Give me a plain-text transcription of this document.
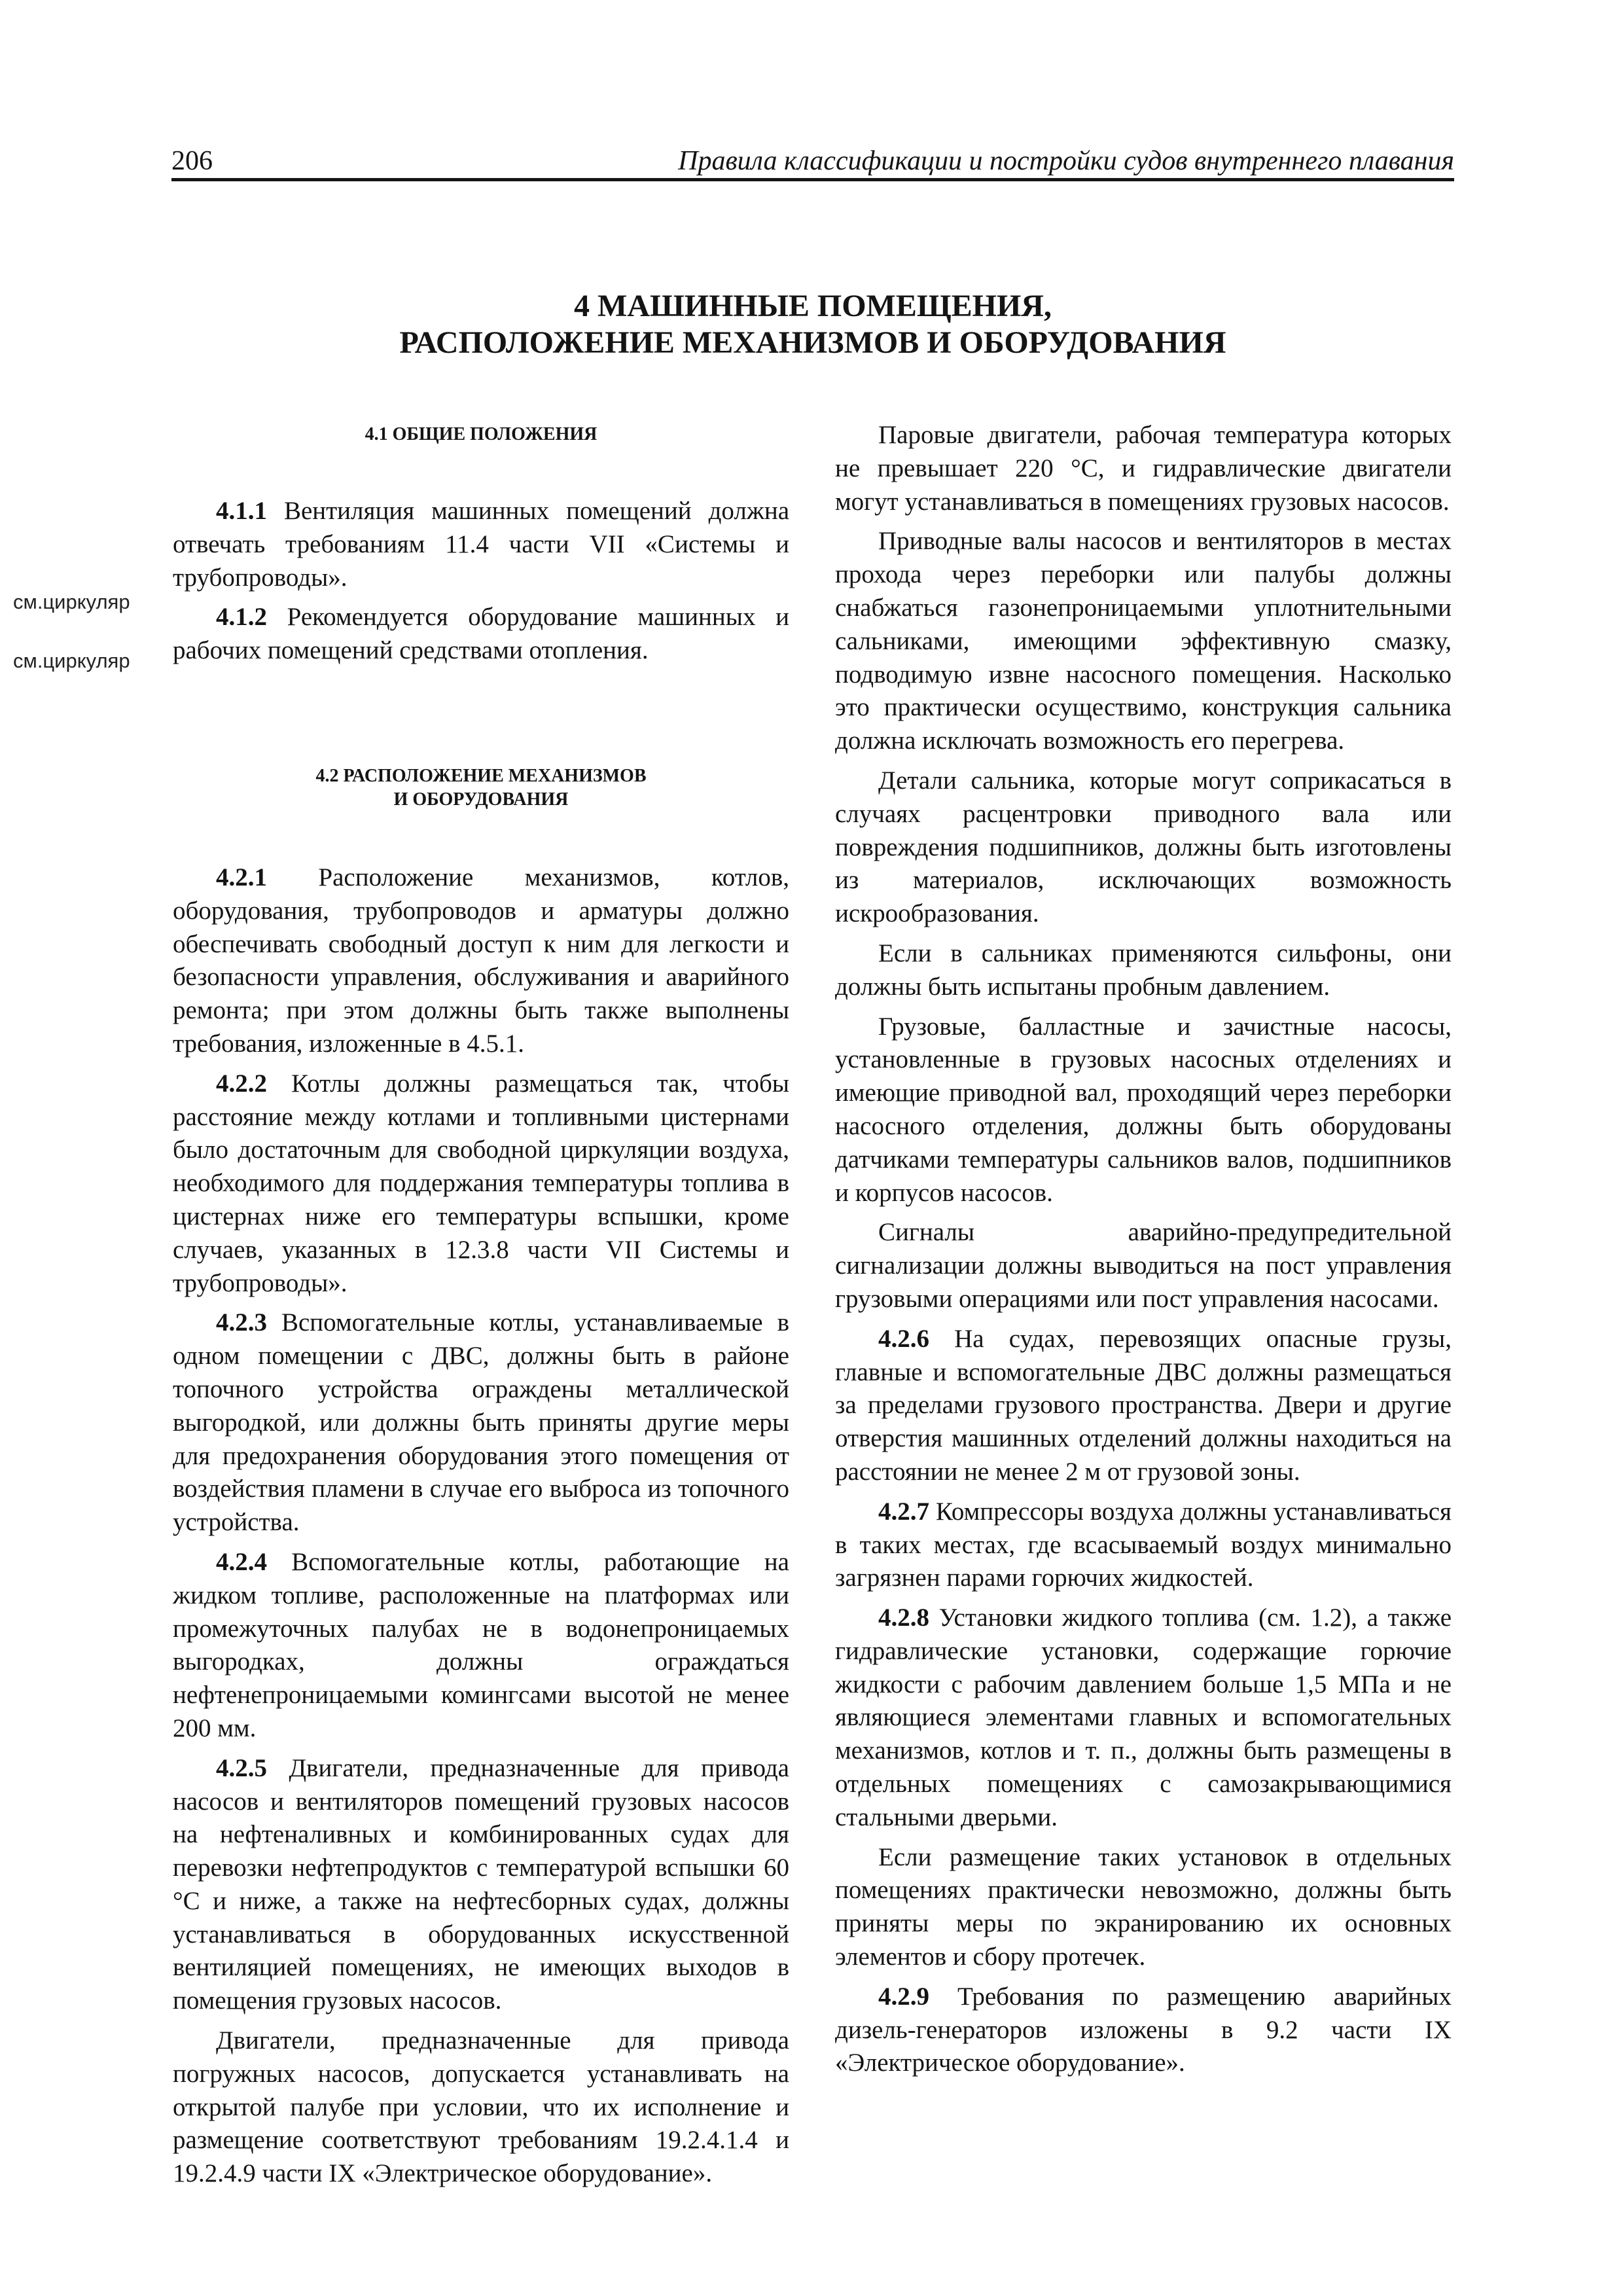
206	Правила классификации и постройки судов внутреннего плавания
4 МАШИННЫЕ ПОМЕЩЕНИЯ,
РАСПОЛОЖЕНИЕ МЕХАНИЗМОВ И ОБОРУДОВАНИЯ
см.циркуляр
см.циркуляр

4.1 ОБЩИЕ ПОЛОЖЕНИЯ

4.1.1 Вентиляция машинных помещений должна отвечать требованиям 11.4 части VII «Системы и трубопроводы».

4.1.2 Рекомендуется оборудование машинных и рабочих помещений средствами отопления.

4.2 РАСПОЛОЖЕНИЕ МЕХАНИЗМОВ
И ОБОРУДОВАНИЯ

4.2.1 Расположение механизмов, котлов, оборудования, трубопроводов и арматуры должно обеспечивать свободный доступ к ним для легкости и безопасности управления, обслуживания и аварийного ремонта; при этом должны быть также выполнены требования, изложенные в 4.5.1.

4.2.2 Котлы должны размещаться так, чтобы расстояние между котлами и топливными цистернами было достаточным для свободной циркуляции воздуха, необходимого для поддержания температуры топлива в цистернах ниже его температуры вспышки, кроме случаев, указанных в 12.3.8 части VII Системы и трубопроводы».

4.2.3 Вспомогательные котлы, устанавливаемые в одном помещении с ДВС, должны быть в районе топочного устройства ограждены металлической выгородкой, или должны быть приняты другие меры для предохранения оборудования этого помещения от воздействия пламени в случае его выброса из топочного устройства.

4.2.4 Вспомогательные котлы, работающие на жидком топливе, расположенные на платформах или промежуточных палубах не в водонепроницаемых выгородках, должны ограждаться нефтенепроницаемыми комингсами высотой не менее 200 мм.

4.2.5 Двигатели, предназначенные для привода насосов и вентиляторов помещений грузовых насосов на нефтеналивных и комбинированных судах для перевозки нефтепродуктов с температурой вспышки 60 °С и ниже, а также на нефтесборных судах, должны устанавливаться в оборудованных искусственной вентиляцией помещениях, не имеющих выходов в помещения грузовых насосов.

Двигатели, предназначенные для привода погружных насосов, допускается устанавливать на открытой палубе при условии, что их исполнение и размещение соответствуют требованиям 19.2.4.1.4 и 19.2.4.9 части IX «Электрическое оборудование».

Паровые двигатели, рабочая температура которых не превышает 220 °С, и гидравлические двигатели могут устанавливаться в помещениях грузовых насосов.

Приводные валы насосов и вентиляторов в местах прохода через переборки или палубы должны снабжаться газонепроницаемыми уплотнительными сальниками, имеющими эффективную смазку, подводимую извне насосного помещения. Насколько это практически осуществимо, конструкция сальника должна исключать возможность его перегрева.

Детали сальника, которые могут соприкасаться в случаях расцентровки приводного вала или повреждения подшипников, должны быть изготовлены из материалов, исключающих возможность искрообразования.

Если в сальниках применяются сильфоны, они должны быть испытаны пробным давлением.

Грузовые, балластные и зачистные насосы, установленные в грузовых насосных отделениях и имеющие приводной вал, проходящий через переборки насосного отделения, должны быть оборудованы датчиками температуры сальников валов, подшипников и корпусов насосов.

Сигналы аварийно-предупредительной сигнализации должны выводиться на пост управления грузовыми операциями или пост управления насосами.

4.2.6 На судах, перевозящих опасные грузы, главные и вспомогательные ДВС должны размещаться за пределами грузового пространства. Двери и другие отверстия машинных отделений должны находиться на расстоянии не менее 2 м от грузовой зоны.

4.2.7 Компрессоры воздуха должны устанавливаться в таких местах, где всасываемый воздух минимально загрязнен парами горючих жидкостей.

4.2.8 Установки жидкого топлива (см. 1.2), а также гидравлические установки, содержащие горючие жидкости с рабочим давлением больше 1,5 МПа и не являющиеся элементами главных и вспомогательных механизмов, котлов и т. п., должны быть размещены в отдельных помещениях с самозакрывающимися стальными дверьми.

Если размещение таких установок в отдельных помещениях практически невозможно, должны быть приняты меры по экранированию их основных элементов и сбору протечек.

4.2.9 Требования по размещению аварийных дизель-генераторов изложены в 9.2 части IX «Электрическое оборудование».
